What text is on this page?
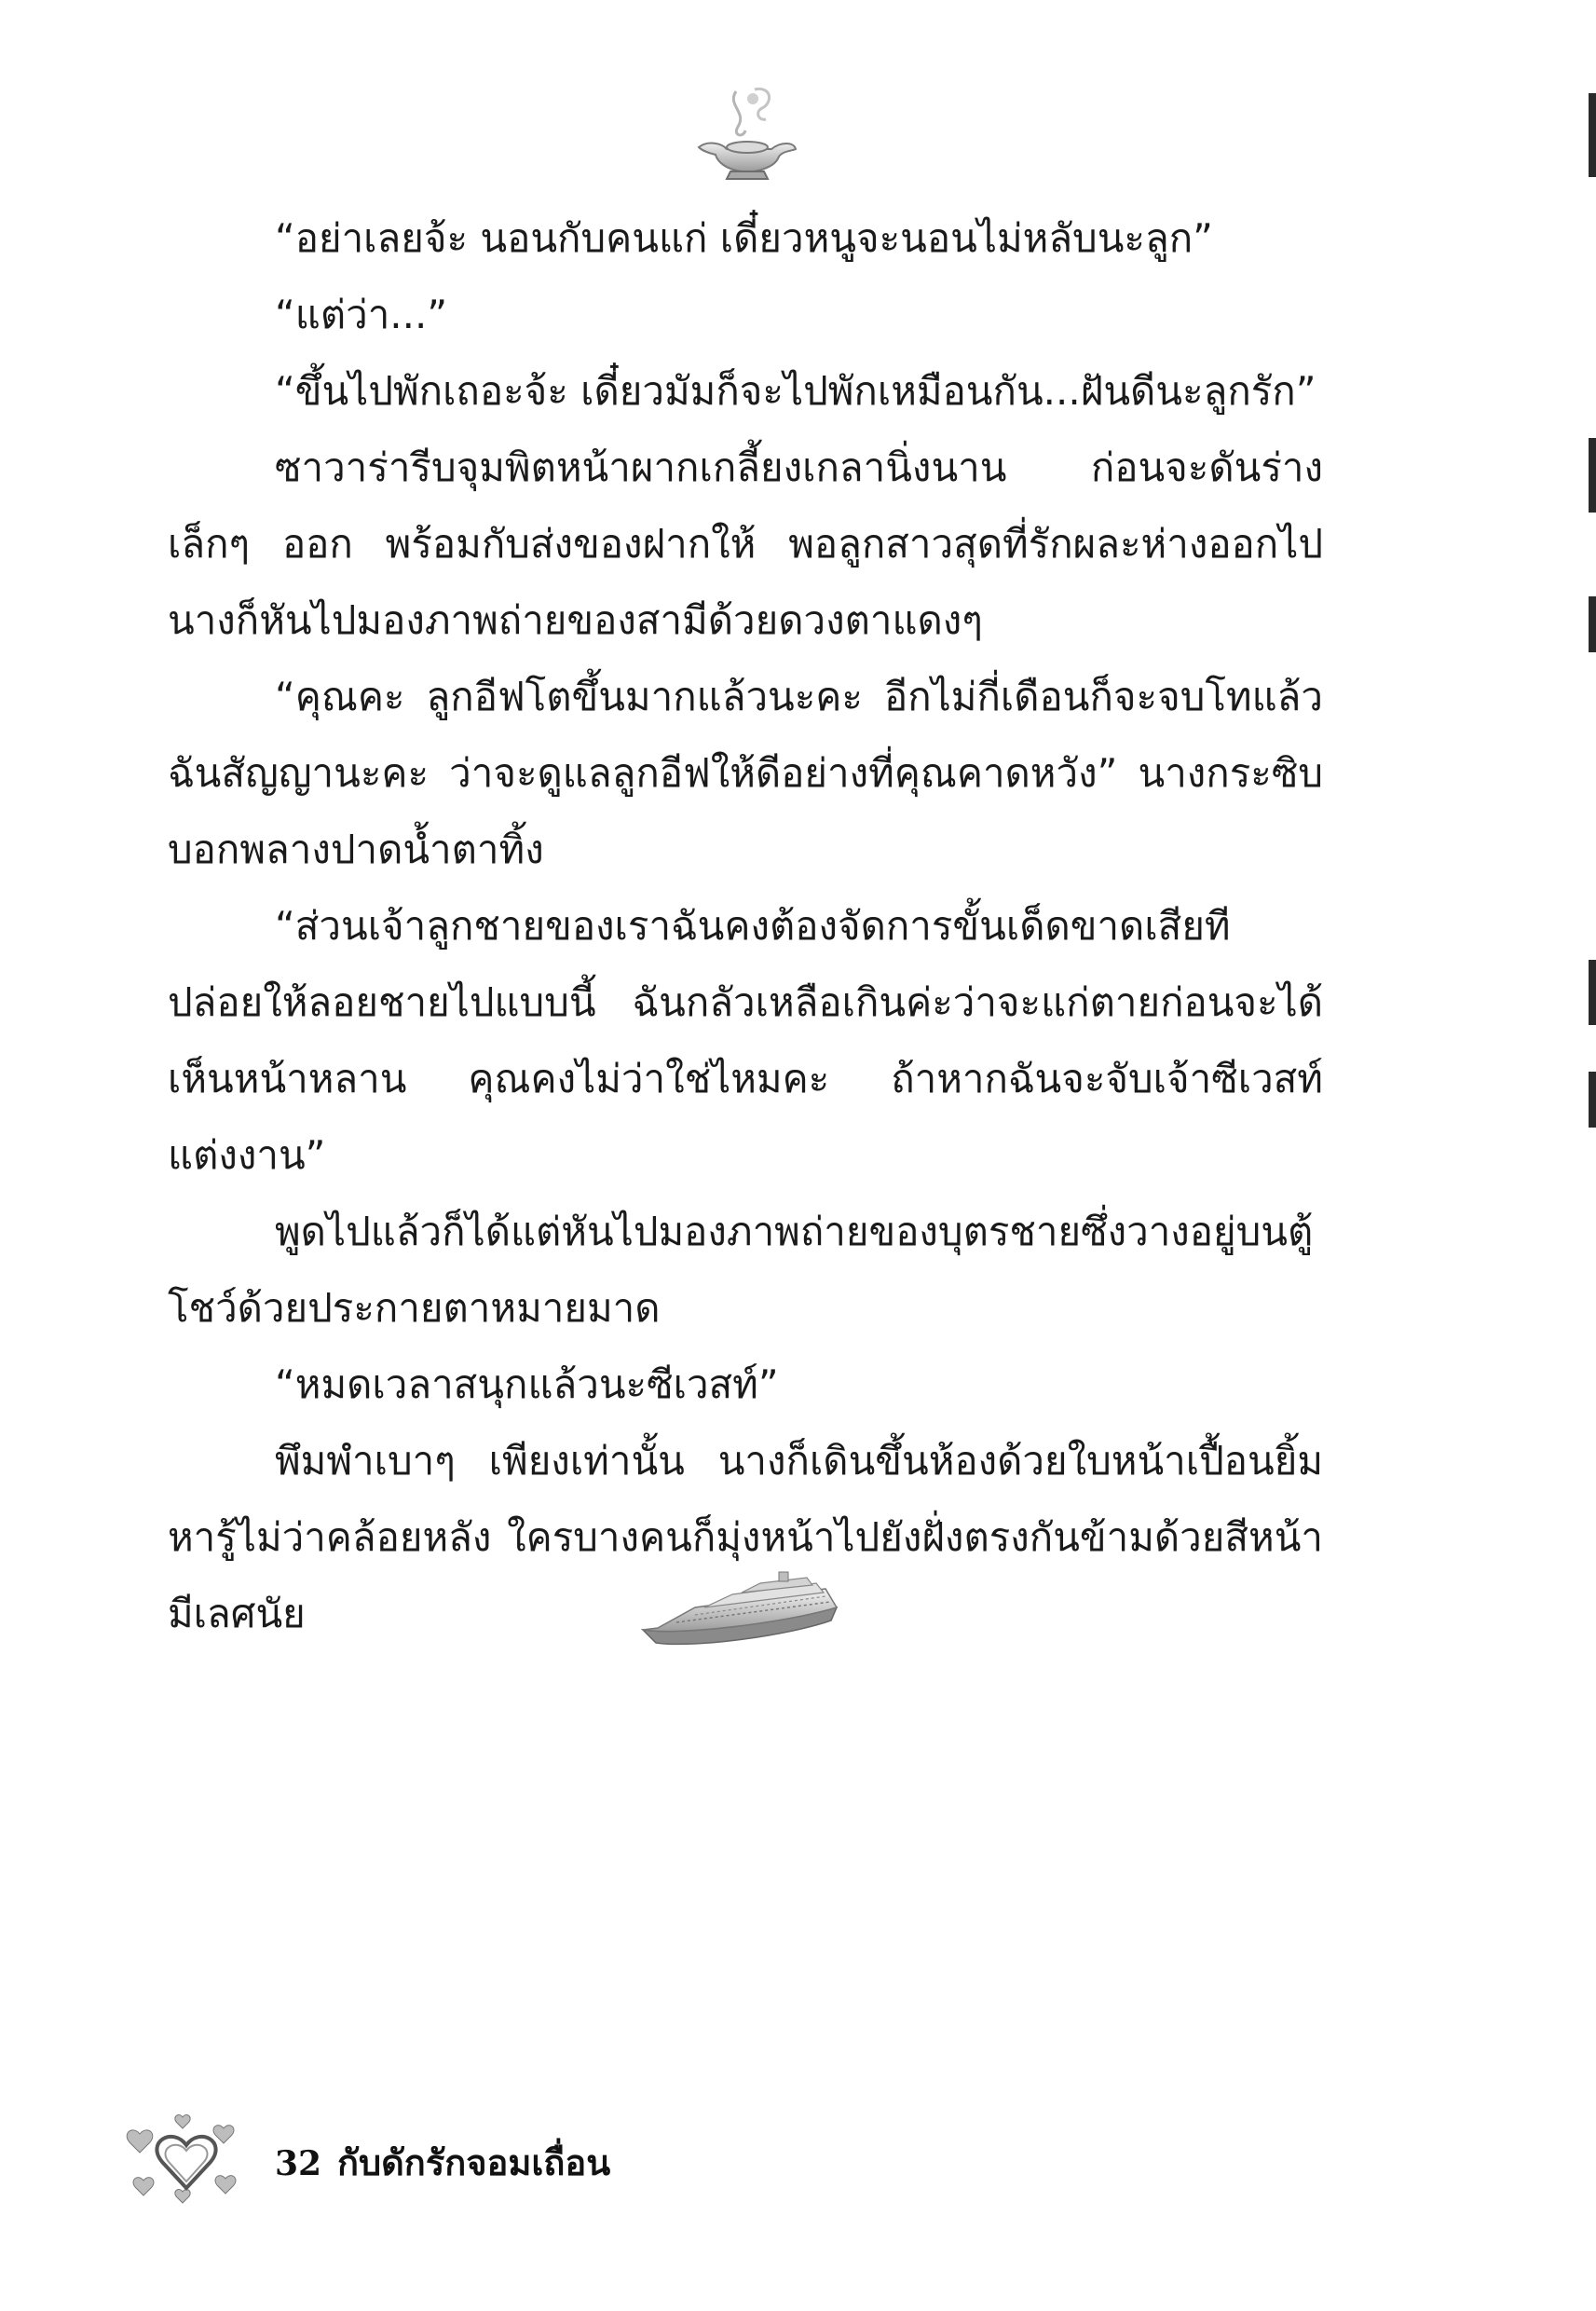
“อย่าเลยจ้ะ นอนกับคนแก่ เดี๋ยวหนูจะนอนไม่หลับนะลูก”

“แต่ว่า...”

“ขึ้นไปพักเถอะจ้ะ เดี๋ยวมัมก็จะไปพักเหมือนกัน...ฝันดีนะลูกรัก”

ซาวาร่ารีบจุมพิตหน้าผากเกลี้ยงเกลานิ่งนาน ก่อนจะดันร่างเล็กๆ ออก พร้อมกับส่งของฝากให้ พอลูกสาวสุดที่รักผละห่างออกไป นางก็หันไปมองภาพถ่ายของสามีด้วยดวงตาแดงๆ

“คุณคะ ลูกอีฟโตขึ้นมากแล้วนะคะ อีกไม่กี่เดือนก็จะจบโทแล้ว ฉันสัญญานะคะ ว่าจะดูแลลูกอีฟให้ดีอย่างที่คุณคาดหวัง” นางกระซิบบอกพลางปาดน้ำตาทิ้ง

“ส่วนเจ้าลูกชายของเราฉันคงต้องจัดการขั้นเด็ดขาดเสียที ปล่อยให้ลอยชายไปแบบนี้ ฉันกลัวเหลือเกินค่ะว่าจะแก่ตายก่อนจะได้เห็นหน้าหลาน คุณคงไม่ว่าใช่ไหมคะ ถ้าหากฉันจะจับเจ้าซีเวสท์แต่งงาน”

พูดไปแล้วก็ได้แต่หันไปมองภาพถ่ายของบุตรชายซึ่งวางอยู่บนตู้โชว์ด้วยประกายตาหมายมาด

“หมดเวลาสนุกแล้วนะซีเวสท์”

พึมพำเบาๆ เพียงเท่านั้น นางก็เดินขึ้นห้องด้วยใบหน้าเปื้อนยิ้ม หารู้ไม่ว่าคล้อยหลัง ใครบางคนก็มุ่งหน้าไปยังฝั่งตรงกันข้ามด้วยสีหน้ามีเลศนัย

32 กับดักรักจอมเถื่อน
